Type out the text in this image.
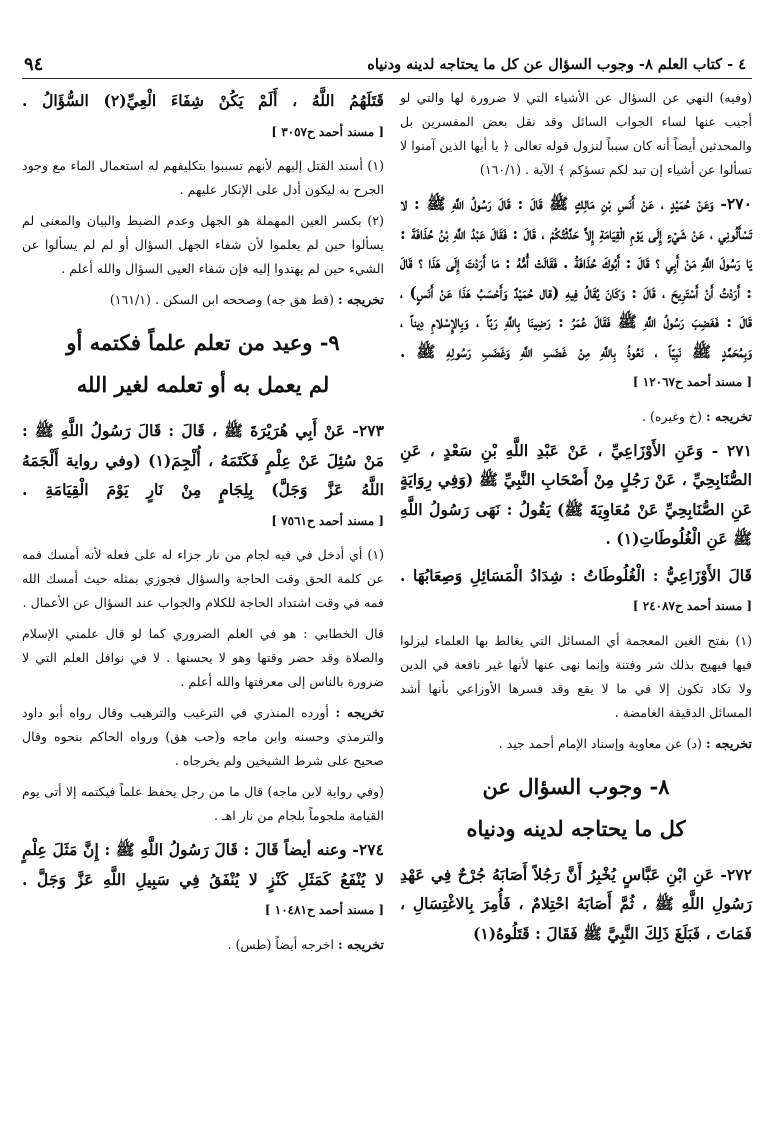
٤ - كتاب العلم ٨- وجوب السؤال عن كل ما يحتاجه لدينه ودنياه
٩٤

(وفيه) النهي عن السؤال عن الأشياء التي لا ضرورة لها والتي لو أجيب عنها لساء الجواب السائل وقد نقل بعض المفسرين بل والمحدثين أيضاً أنه كان سبباً لنزول قوله تعالى ﴿ يا أيها الذين آمنوا لا تسألوا عن أشياء إن تبد لكم تسؤكم ﴾ الآية . (١٦٠/١)

٢٧٠- وَعَنْ حُمَيْدٍ ، عَنْ أَنَسِ بْنِ مَالِكٍ ﷺ قَالَ : قَالَ رَسُولُ اللَّهِ ﷺ : لا تَسْأَلُونِي ، عَنْ شَيْءٍ إِلَى يَوْمِ الْقِيَامَةِ إِلاَّ حَدَّثْتُكُمْ ، قَالَ : فَقَالَ عَبْدُ اللَّهِ بْنُ حُذَافَةَ : يَا رَسُولَ اللَّهِ مَنْ أَبِي ؟ قَالَ : أَبُوكَ حُذَافَةُ . فَقَالَتْ أُمُّهُ : مَا أَرَدْتَ إِلَى هَذَا ؟ قَالَ : أَرَدْتُ أَنْ أَسْتَرِيحَ ، قَالَ : وَكَانَ يُقَالُ فِيهِ (قال حُمَيْدٌ وَأَحْسَبُ هَذَا عَنْ أَنَسٍ) ، قَالَ : فَغَضِبَ رَسُولُ اللَّهِ ﷺ فَقَالَ عُمَرُ : رَضِينَا بِاللَّهِ رَبّاً ، وَبِالإِسْلامِ دِيناً ، وَبِمُحَمَّدٍ ﷺ نَبِيّاً ، نَعُوذُ بِاللَّهِ مِنْ غَضَبِ اللَّهِ وَغَضَبِ رَسُولِهِ ﷺ . [ مسند أحمد ح١٢٠٦٧ ]

تخريجه : (خ وغيره) .

٢٧١ - وَعَنِ الأَوْزَاعِيِّ ، عَنْ عَبْدِ اللَّهِ بْنِ سَعْدٍ ، عَنِ الصُّنَابِحِيِّ ، عَنْ رَجُلٍ مِنْ أَصْحَابِ النَّبِيِّ ﷺ (وَفِي رِوَايَةٍ عَنِ الصُّنَابِحِيِّ عَنْ مُعَاوِيَةَ ﷺ) يَقُولُ : نَهَى رَسُولُ اللَّهِ ﷺ عَنِ الْغُلُوطَاتِ(١) .

قَالَ الأَوْزَاعِيُّ : الْغُلُوطَاتُ : شِدَادُ الْمَسَائِلِ وَصِعَابُهَا . [ مسند أحمد ح٢٤٠٨٧ ]

(١) بفتح الغين المعجمة أي المسائل التي يغالط بها العلماء ليزلوا فيها فيهيج بذلك شر وفتنة وإنما نهى عنها لأنها غير نافعة في الدين ولا تكاد تكون إلا في ما لا يقع وقد فسرها الأوزاعي بأنها أشد المسائل الدقيقة الغامضة .

تخريجه : (د) عن معاوية وإسناد الإمام أحمد جيد .

٨- وجوب السؤال عن
كل ما يحتاجه لدينه ودنياه

٢٧٢- عَنِ ابْنِ عَبَّاسٍ يُخْبِرُ أَنَّ رَجُلاً أَصَابَهُ جُرْحٌ فِي عَهْدِ رَسُولِ اللَّهِ ﷺ ، ثُمَّ أَصَابَهُ احْتِلامٌ ، فَأُمِرَ بِالاغْتِسَالِ ، فَمَاتَ ، فَبَلَغَ ذَلِكَ النَّبِيَّ ﷺ فَقَالَ : قَتَلُوهُ(١)

قَتَلَهُمُ اللَّهُ ، أَلَمْ يَكُنْ شِفَاءَ الْعِيِّ(٢) السُّؤَالُ . [ مسند أحمد ح٣٠٥٧ ]

(١) أسند القتل إليهم لأنهم تسببوا بتكليفهم له استعمال الماء مع وجود الجرح به ليكون أدل على الإنكار عليهم .

(٢) بكسر العين المهملة هو الجهل وعدم الضبط والبيان والمعنى لم يسألوا حين لم يعلموا لأن شفاء الجهل السؤال أو لم لم يسألوا عن الشيء حين لم يهتدوا إليه فإن شفاء العيى السؤال والله أعلم .

تخريجه : (قط هق جه) وصححه ابن السكن . (١٦١/١)

٩- وعيد من تعلم علماً فكتمه أو
لم يعمل به أو تعلمه لغير الله

٢٧٣- عَنْ أَبِي هُرَيْرَةَ ﷺ ، قَالَ : قَالَ رَسُولُ اللَّهِ ﷺ : مَنْ سُئِلَ عَنْ عِلْمٍ فَكَتَمَهُ ، أُلْجِمَ(١) (وفي رواية أَلْجَمَهُ اللَّهُ عَزَّ وَجَلَّ) بِلِجَامٍ مِنْ نَارٍ يَوْمَ الْقِيَامَةِ . [ مسند أحمد ح٧٥٦١ ]

(١) أي أدخل في فيه لجام من نار جزاء له على فعله لأنه أمسك فمه عن كلمة الحق وقت الحاجة والسؤال فجوزي بمثله حيث أمسك الله فمه في وقت اشتداد الحاجة للكلام والجواب عند السؤال عن الأعمال .

قال الخطابي : هو في العلم الضروري كما لو قال علمني الإسلام والصلاة وقد حضر وقتها وهو لا يحسنها . لا في نوافل العلم التي لا ضرورة بالناس إلى معرفتها والله أعلم .

تخريجه : أورده المنذري في الترغيب والترهيب وقال رواه أبو داود والترمذي وحسنه وابن ماجه و(حب هق) ورواه الحاكم بنحوه وقال صحيح على شرط الشيخين ولم يخرجاه .

(وفي رواية لابن ماجه) قال ما من رجل يحفظ علماً فيكتمه إلا أتى يوم القيامة ملجوماً بلجام من نار اهـ .

٢٧٤- وعنه أيضاً قَالَ : قَالَ رَسُولُ اللَّهِ ﷺ : إِنَّ مَثَلَ عِلْمٍ لا يُنْفَعُ كَمَثَلِ كَنْزٍ لا يُنْفَقُ فِي سَبِيلِ اللَّهِ عَزَّ وَجَلَّ . [ مسند أحمد ح١٠٤٨١ ]

تخريجه : اخرجه أيضاً (طس) .
